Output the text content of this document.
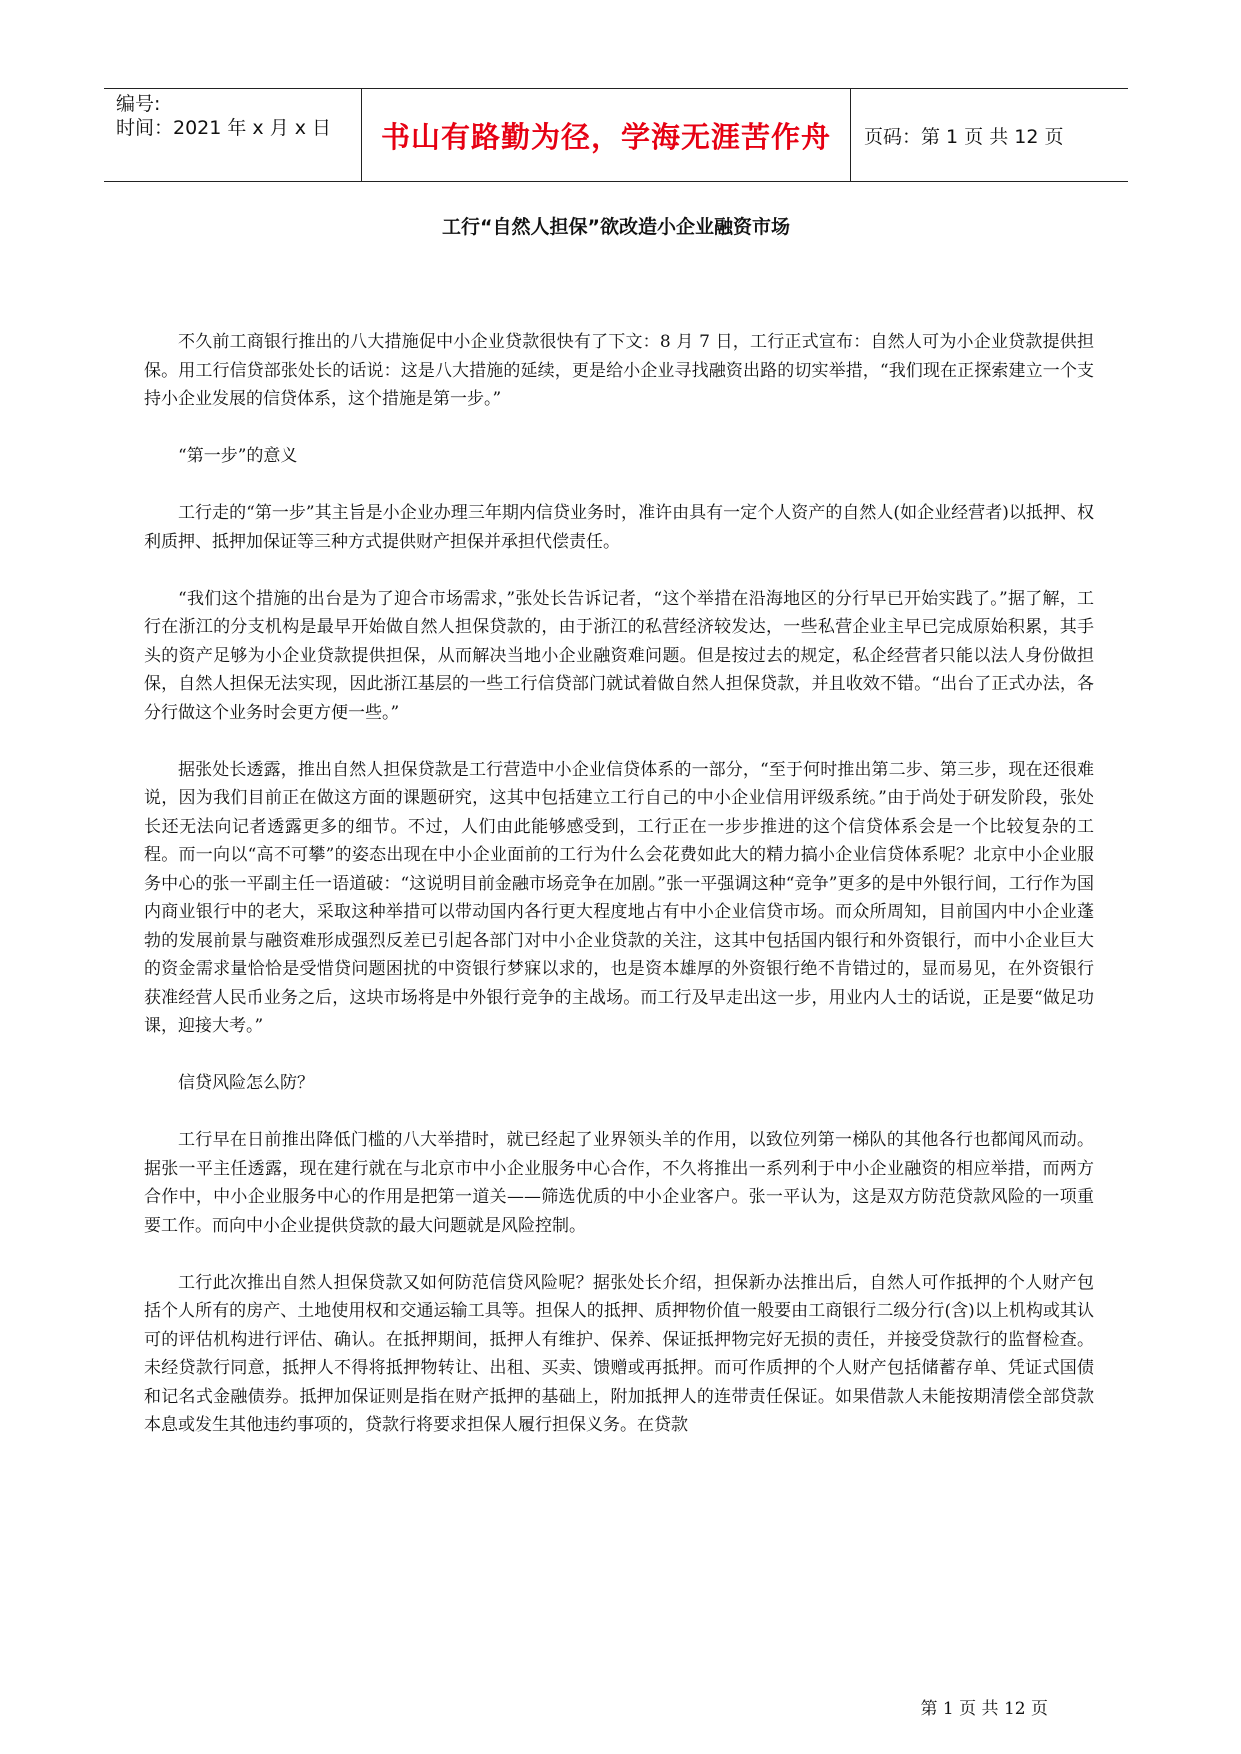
编号:
时间：2021 年 x 月 x 日	书山有路勤为径，学海无涯苦作舟 页码：第 1 页 共 12 页
工行“自然人担保”欲改造小企业融资市场

不久前工商银行推出的八大措施促中小企业贷款很快有了下文：8 月 7 日，工行正式宣布：自然人可为小企业贷款提供担保。用工行信贷部张处长的话说：这是八大措施的延续，更是给小企业寻找融资出路的切实举措，“我们现在正探索建立一个支持小企业发展的信贷体系，这个措施是第一步。”

“第一步”的意义

工行走的“第一步”其主旨是小企业办理三年期内信贷业务时，准许由具有一定个人资产的自然人(如企业经营者)以抵押、权利质押、抵押加保证等三种方式提供财产担保并承担代偿责任。

“我们这个措施的出台是为了迎合市场需求，”张处长告诉记者，“这个举措在沿海地区的分行早已开始实践了。”据了解，工行在浙江的分支机构是最早开始做自然人担保贷款的，由于浙江的私营经济较发达，一些私营企业主早已完成原始积累，其手头的资产足够为小企业贷款提供担保，从而解决当地小企业融资难问题。但是按过去的规定，私企经营者只能以法人身份做担保，自然人担保无法实现，因此浙江基层的一些工行信贷部门就试着做自然人担保贷款，并且收效不错。“出台了正式办法，各分行做这个业务时会更方便一些。”

据张处长透露，推出自然人担保贷款是工行营造中小企业信贷体系的一部分，“至于何时推出第二步、第三步，现在还很难说，因为我们目前正在做这方面的课题研究，这其中包括建立工行自己的中小企业信用评级系统。”由于尚处于研发阶段，张处长还无法向记者透露更多的细节。不过，人们由此能够感受到，工行正在一步步推进的这个信贷体系会是一个比较复杂的工程。而一向以“高不可攀”的姿态出现在中小企业面前的工行为什么会花费如此大的精力搞小企业信贷体系呢？北京中小企业服务中心的张一平副主任一语道破：“这说明目前金融市场竞争在加剧。”张一平强调这种“竞争”更多的是中外银行间，工行作为国内商业银行中的老大，采取这种举措可以带动国内各行更大程度地占有中小企业信贷市场。而众所周知，目前国内中小企业蓬勃的发展前景与融资难形成强烈反差已引起各部门对中小企业贷款的关注，这其中包括国内银行和外资银行，而中小企业巨大的资金需求量恰恰是受惜贷问题困扰的中资银行梦寐以求的，也是资本雄厚的外资银行绝不肯错过的，显而易见，在外资银行获准经营人民币业务之后，这块市场将是中外银行竞争的主战场。而工行及早走出这一步，用业内人士的话说，正是要“做足功课，迎接大考。”

信贷风险怎么防？

工行早在日前推出降低门槛的八大举措时，就已经起了业界领头羊的作用，以致位列第一梯队的其他各行也都闻风而动。据张一平主任透露，现在建行就在与北京市中小企业服务中心合作，不久将推出一系列利于中小企业融资的相应举措，而两方合作中，中小企业服务中心的作用是把第一道关——筛选优质的中小企业客户。张一平认为，这是双方防范贷款风险的一项重要工作。而向中小企业提供贷款的最大问题就是风险控制。

工行此次推出自然人担保贷款又如何防范信贷风险呢？据张处长介绍，担保新办法推出后，自然人可作抵押的个人财产包括个人所有的房产、土地使用权和交通运输工具等。担保人的抵押、质押物价值一般要由工商银行二级分行(含)以上机构或其认可的评估机构进行评估、确认。在抵押期间，抵押人有维护、保养、保证抵押物完好无损的责任，并接受贷款行的监督检查。未经贷款行同意，抵押人不得将抵押物转让、出租、买卖、馈赠或再抵押。而可作质押的个人财产包括储蓄存单、凭证式国债和记名式金融债券。抵押加保证则是指在财产抵押的基础上，附加抵押人的连带责任保证。如果借款人未能按期清偿全部贷款本息或发生其他违约事项的，贷款行将要求担保人履行担保义务。在贷款

第 1 页 共 12 页
